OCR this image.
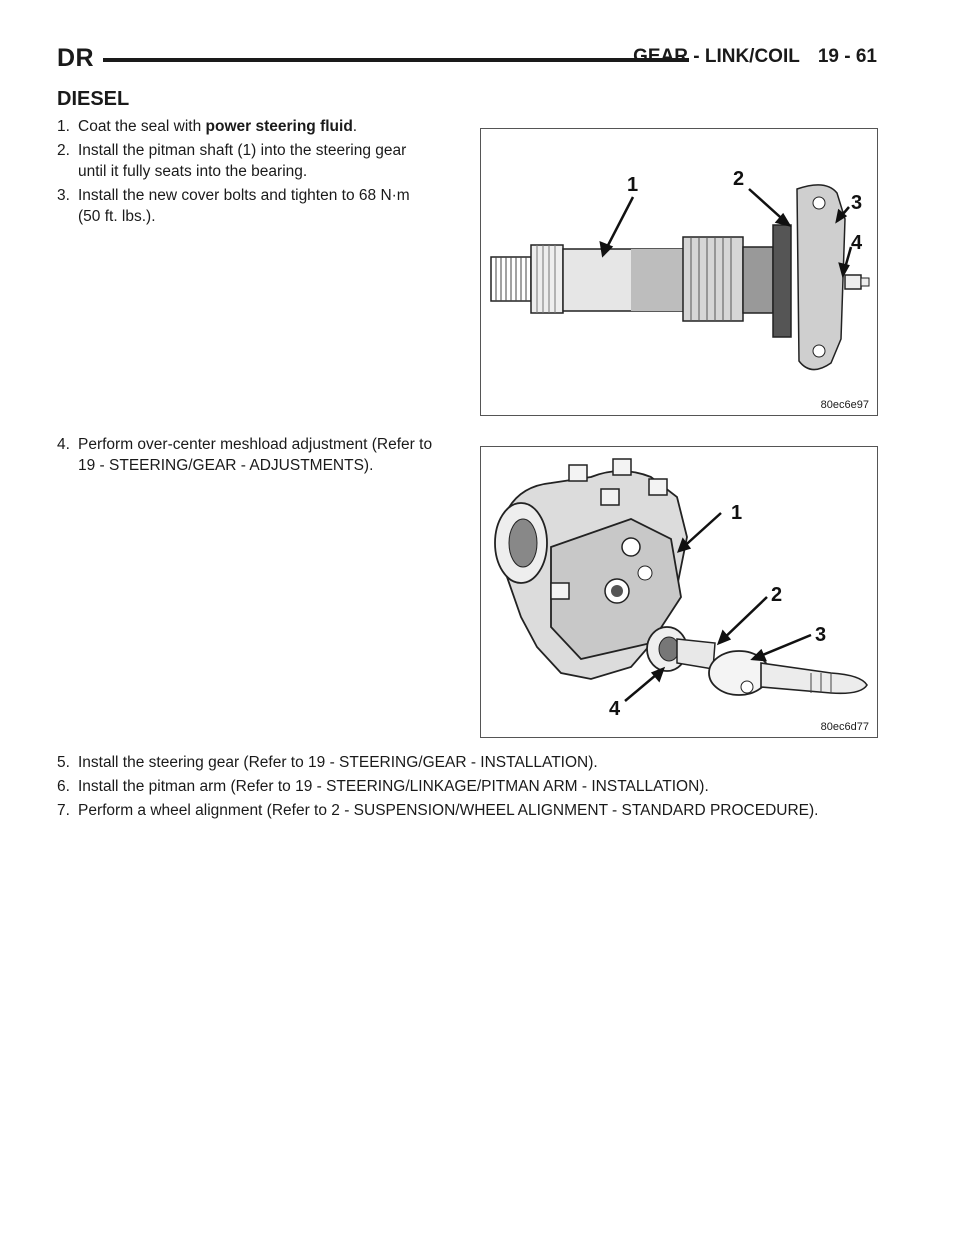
DR	GEAR - LINK/COIL 19 - 61
DIESEL
1. Coat the seal with power steering fluid.
2. Install the pitman shaft (1) into the steering gear
until it fully seats into the bearing.
3. Install the new cover bolts and tighten to 68 N·m
(50 ft. lbs.).
1	2
3
4
80ec6e97
4. Perform over-center meshload adjustment (Refer to
19 - STEERING/GEAR - ADJUSTMENTS).
1
2
3
4
80ec6d77
5. Install the steering gear (Refer to 19 - STEERING/GEAR - INSTALLATION).
6. Install the pitman arm (Refer to 19 - STEERING/LINKAGE/PITMAN ARM - INSTALLATION).
7. Perform a wheel alignment (Refer to 2 - SUSPENSION/WHEEL ALIGNMENT - STANDARD PROCEDURE).
